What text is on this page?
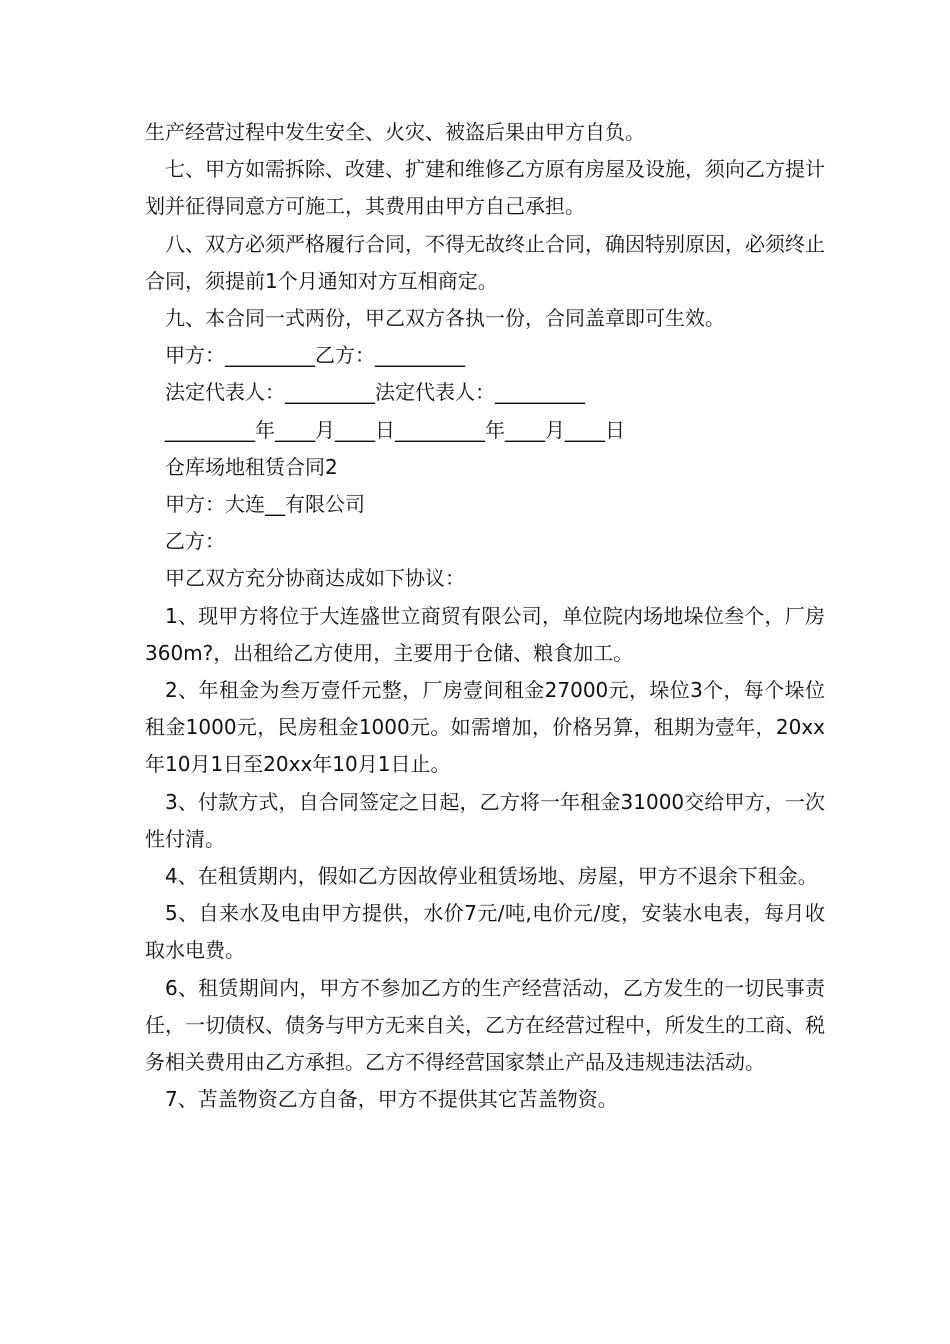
生产经营过程中发生安全、火灾、被盗后果由甲方自负。

七、甲方如需拆除、改建、扩建和维修乙方原有房屋及设施，须向乙方提计划并征得同意方可施工，其费用由甲方自己承担。

八、双方必须严格履行合同，不得无故终止合同，确因特别原因，必须终止合同，须提前1个月通知对方互相商定。

九、本合同一式两份，甲乙双方各执一份，合同盖章即可生效。

甲方：_________乙方：_________

法定代表人：_________法定代表人：_________

_________年____月____日_________年____月____日

仓库场地租赁合同2

甲方：大连__有限公司

乙方：

甲乙双方充分协商达成如下协议：

1、现甲方将位于大连盛世立商贸有限公司，单位院内场地垛位叁个，厂房360m?，出租给乙方使用，主要用于仓储、粮食加工。

2、年租金为叁万壹仟元整，厂房壹间租金27000元，垛位3个，每个垛位租金1000元，民房租金1000元。如需增加，价格另算，租期为壹年，20xx年10月1日至20xx年10月1日止。

3、付款方式，自合同签定之日起，乙方将一年租金31000交给甲方，一次性付清。

4、在租赁期内，假如乙方因故停业租赁场地、房屋，甲方不退余下租金。

5、自来水及电由甲方提供，水价7元/吨,电价元/度，安装水电表，每月收取水电费。

6、租赁期间内，甲方不参加乙方的生产经营活动，乙方发生的一切民事责任，一切债权、债务与甲方无来自关，乙方在经营过程中，所发生的工商、税务相关费用由乙方承担。乙方不得经营国家禁止产品及违规违法活动。

7、苫盖物资乙方自备，甲方不提供其它苫盖物资。
